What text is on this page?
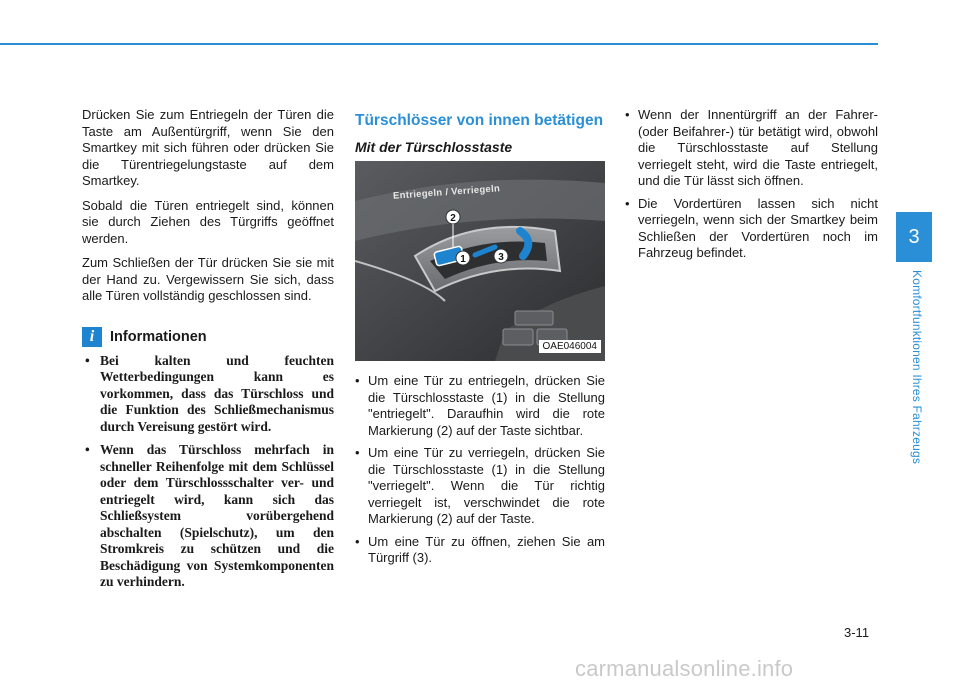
Drücken Sie zum Entriegeln der Türen die Taste am Außentürgriff, wenn Sie den Smartkey mit sich führen oder drücken Sie die Türentriegelungstaste auf dem Smartkey.

Sobald die Türen entriegelt sind, können sie durch Ziehen des Türgriffs geöffnet werden.

Zum Schließen der Tür drücken Sie sie mit der Hand zu. Vergewissern Sie sich, dass alle Türen vollständig geschlossen sind.

i	Informationen
• Bei kalten und feuchten Wetterbedingungen kann es vorkommen, dass das Türschloss und die Funktion des Schließmechanismus durch Vereisung gestört wird.
• Wenn das Türschloss mehrfach in schneller Reihenfolge mit dem Schlüssel oder dem Türschlossschalter ver- und entriegelt wird, kann sich das Schließsystem vorübergehend abschalten (Spielschutz), um den Stromkreis zu schützen und die Beschädigung von Systemkomponenten zu verhindern.
Türschlösser von innen betätigen
Mit der Türschlosstaste
1
2
3
Entriegeln / Verriegeln
OAE046004
• Um eine Tür zu entriegeln, drücken Sie die Türschlosstaste (1) in die Stellung "entriegelt". Daraufhin wird die rote Markierung (2) auf der Taste sichtbar.
• Um eine Tür zu verriegeln, drücken Sie die Türschlosstaste (1) in die Stellung "verriegelt". Wenn die Tür richtig verriegelt ist, verschwindet die rote Markierung (2) auf der Taste.
• Um eine Tür zu öffnen, ziehen Sie am Türgriff (3).
• Wenn der Innentürgriff an der Fahrer- (oder Beifahrer-) tür betätigt wird, obwohl die Türschlosstaste auf Stellung verriegelt steht, wird die Taste entriegelt, und die Tür lässt sich öffnen.
• Die Vordertüren lassen sich nicht verriegeln, wenn sich der Smartkey beim Schließen der Vordertüren noch im Fahrzeug befindet.
3
Komfortfunktionen Ihres Fahrzeugs
3-11
carmanualsonline.info
